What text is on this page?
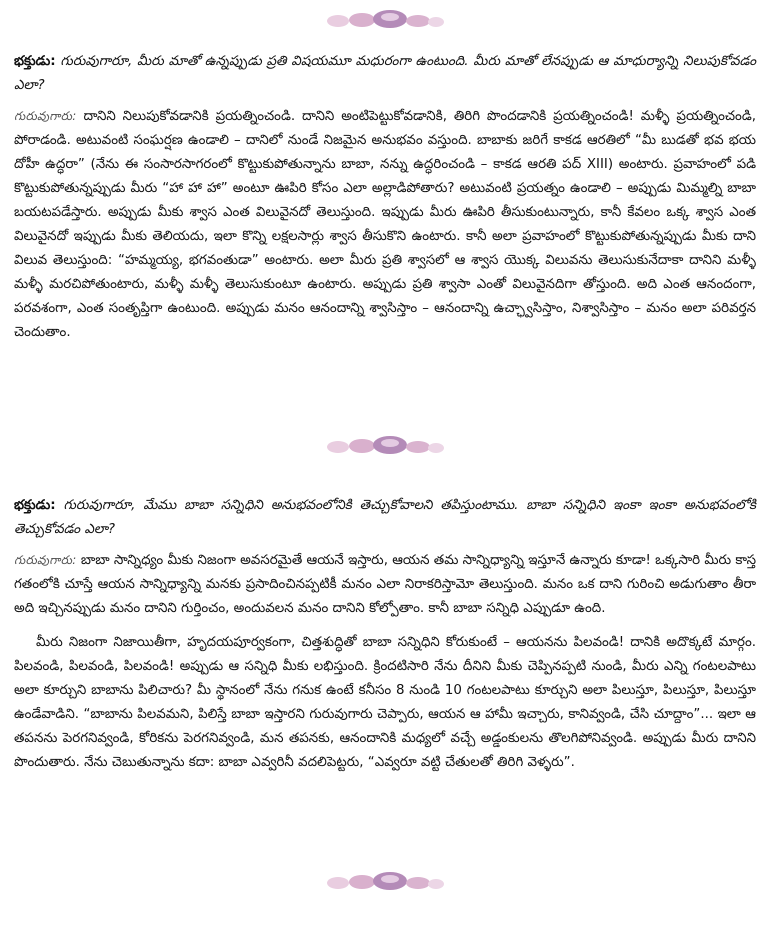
భక్తుడు: గురువుగారూ, మీరు మాతో ఉన్నప్పుడు ప్రతి విషయమూ మధురంగా ఉంటుంది. మీరు మాతో లేనప్పుడు ఆ మాధుర్యాన్ని నిలుపుకోవడం ఎలా?

గురువుగారు: దానిని నిలుపుకోవడానికి ప్రయత్నించండి. దానిని అంటిపెట్టుకోవడానికి, తిరిగి పొందడానికి ప్రయత్నించండి! మళ్ళీ ప్రయత్నించండి, పోరాడండి. అటువంటి సంఘర్షణ ఉండాలి – దానిలో నుండే నిజమైన అనుభవం వస్తుంది. బాబాకు జరిగే కాకడ ఆరతిలో “మీ బుడతో భవ భయ దోహీ ఉద్ధరా” (నేను ఈ సంసారసాగరంలో కొట్టుకుపోతున్నాను బాబా, నన్ను ఉద్ధరించండి – కాకడ ఆరతి పద్ XIII) అంటారు. ప్రవాహంలో పడి కొట్టుకుపోతున్నప్పుడు మీరు “హా హా హా” అంటూ ఊపిరి కోసం ఎలా అల్లాడిపోతారు? అటువంటి ప్రయత్నం ఉండాలి – అప్పుడు మిమ్మల్ని బాబా బయటపడేస్తారు. అప్పుడు మీకు శ్వాస ఎంత విలువైనదో తెలుస్తుంది. ఇప్పుడు మీరు ఊపిరి తీసుకుంటున్నారు, కానీ కేవలం ఒక్క శ్వాస ఎంత విలువైనదో ఇప్పుడు మీకు తెలియదు, ఇలా కొన్ని లక్షలసార్లు శ్వాస తీసుకొని ఉంటారు. కానీ అలా ప్రవాహంలో కొట్టుకుపోతున్నప్పుడు మీకు దాని విలువ తెలుస్తుంది: “హమ్మయ్య, భగవంతుడా” అంటారు. అలా మీరు ప్రతి శ్వాసలో ఆ శ్వాస యొక్క విలువను తెలుసుకునేదాకా దానిని మళ్ళీ మళ్ళీ మరచిపోతుంటారు, మళ్ళీ మళ్ళీ తెలుసుకుంటూ ఉంటారు. అప్పుడు ప్రతి శ్వాసా ఎంతో విలువైనదిగా తోస్తుంది. అది ఎంత ఆనందంగా, పరవశంగా, ఎంత సంతృప్తిగా ఉంటుంది. అప్పుడు మనం ఆనందాన్ని శ్వాసిస్తాం – ఆనందాన్ని ఉచ్ఛ్వాసిస్తాం, నిశ్వాసిస్తాం – మనం అలా పరివర్తన చెందుతాం.

భక్తుడు: గురువుగారూ, మేము బాబా సన్నిధిని అనుభవంలోనికి తెచ్చుకోవాలని తపిస్తుంటాము. బాబా సన్నిధిని ఇంకా ఇంకా అనుభవంలోకి తెచ్చుకోవడం ఎలా?

గురువుగారు: బాబా సాన్నిధ్యం మీకు నిజంగా అవసరమైతే ఆయనే ఇస్తారు, ఆయన తమ సాన్నిధ్యాన్ని ఇస్తూనే ఉన్నారు కూడా! ఒక్కసారి మీరు కాస్త గతంలోకి చూస్తే ఆయన సాన్నిధ్యాన్ని మనకు ప్రసాదించినప్పటికీ మనం ఎలా నిరాకరిస్తామో తెలుస్తుంది. మనం ఒక దాని గురించి అడుగుతాం తీరా అది ఇచ్చినప్పుడు మనం దానిని గుర్తించం, అందువలన మనం దానిని కోల్పోతాం. కానీ బాబా సన్నిధి ఎప్పుడూ ఉంది.

మీరు నిజంగా నిజాయితీగా, హృదయపూర్వకంగా, చిత్తశుద్ధితో బాబా సన్నిధిని కోరుకుంటే – ఆయనను పిలవండి! దానికి అదొక్కటే మార్గం. పిలవండి, పిలవండి, పిలవండి! అప్పుడు ఆ సన్నిధి మీకు లభిస్తుంది. క్రిందటిసారి నేను దీనిని మీకు చెప్పినప్పటి నుండి, మీరు ఎన్ని గంటలపాటు అలా కూర్చుని బాబాను పిలిచారు? మీ స్థానంలో నేను గనుక ఉంటే కనీసం 8 నుండి 10 గంటలపాటు కూర్చుని అలా పిలుస్తూ, పిలుస్తూ, పిలుస్తూ ఉండేవాడిని. “బాబాను పిలవమని, పిలిస్తే బాబా ఇస్తారని గురువుగారు చెప్పారు, ఆయన ఆ హామీ ఇచ్చారు, కానివ్వండి, చేసి చూద్దాం”... ఇలా ఆ తపనను పెరగనివ్వండి, కోరికను పెరగనివ్వండి, మన తపనకు, ఆనందానికి మధ్యలో వచ్చే అడ్డంకులను తొలగిపోనివ్వండి. అప్పుడు మీరు దానిని పొందుతారు. నేను చెబుతున్నాను కదా: బాబా ఎవ్వరినీ వదలిపెట్టరు, “ఎవ్వరూ వట్టి చేతులతో తిరిగి వెళ్ళరు”.
